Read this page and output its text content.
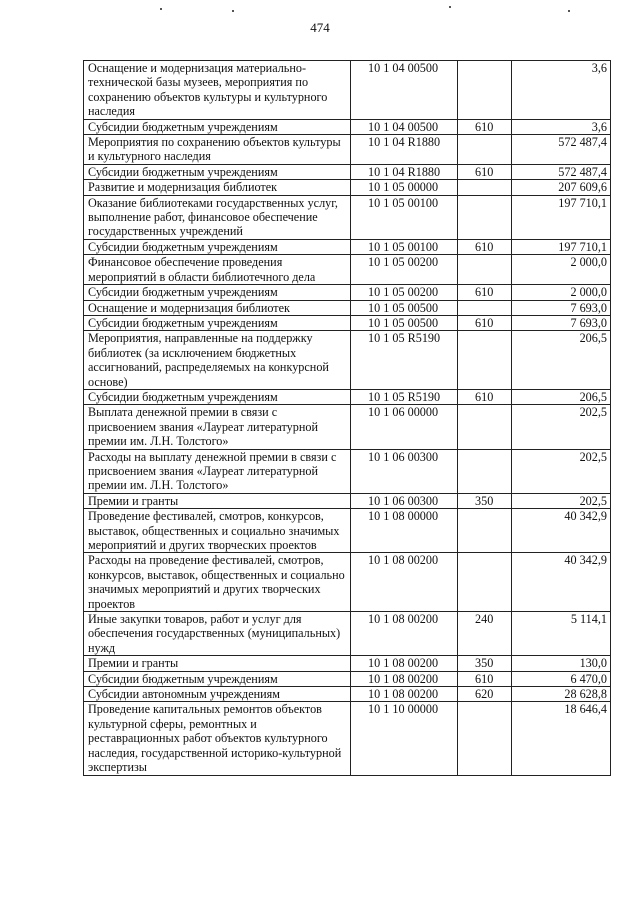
474
Оснащение и модернизация материально-технической базы музеев, мероприятия по сохранению объектов культуры и культурного наследия	10 1 04 00500		3,6
Субсидии бюджетным учреждениям	10 1 04 00500	610	3,6
Мероприятия по сохранению объектов культуры и культурного наследия	10 1 04 R1880		572 487,4
Субсидии бюджетным учреждениям	10 1 04 R1880	610	572 487,4
Развитие и модернизация библиотек	10 1 05 00000		207 609,6
Оказание библиотеками государственных услуг, выполнение работ, финансовое обеспечение государственных учреждений	10 1 05 00100		197 710,1
Субсидии бюджетным учреждениям	10 1 05 00100	610	197 710,1
Финансовое обеспечение проведения мероприятий в области библиотечного дела	10 1 05 00200		2 000,0
Субсидии бюджетным учреждениям	10 1 05 00200	610	2 000,0
Оснащение и модернизация библиотек	10 1 05 00500		7 693,0
Субсидии бюджетным учреждениям	10 1 05 00500	610	7 693,0
Мероприятия, направленные на поддержку библиотек (за исключением бюджетных ассигнований, распределяемых на конкурсной основе)	10 1 05 R5190		206,5
Субсидии бюджетным учреждениям	10 1 05 R5190	610	206,5
Выплата денежной премии в связи с присвоением звания «Лауреат литературной премии им. Л.Н. Толстого»	10 1 06 00000		202,5
Расходы на выплату денежной премии в связи с присвоением звания «Лауреат литературной премии им. Л.Н. Толстого»	10 1 06 00300		202,5
Премии и гранты	10 1 06 00300	350	202,5
Проведение фестивалей, смотров, конкурсов, выставок, общественных и социально значимых мероприятий и других творческих проектов	10 1 08 00000		40 342,9
Расходы на проведение фестивалей, смотров, конкурсов, выставок, общественных и социально значимых мероприятий и других творческих проектов	10 1 08 00200		40 342,9
Иные закупки товаров, работ и услуг для обеспечения государственных (муниципальных) нужд	10 1 08 00200	240	5 114,1
Премии и гранты	10 1 08 00200	350	130,0
Субсидии бюджетным учреждениям	10 1 08 00200	610	6 470,0
Субсидии автономным учреждениям	10 1 08 00200	620	28 628,8
Проведение капитальных ремонтов объектов культурной сферы, ремонтных и реставрационных работ объектов культурного наследия, государственной историко-культурной экспертизы	10 1 10 00000		18 646,4
